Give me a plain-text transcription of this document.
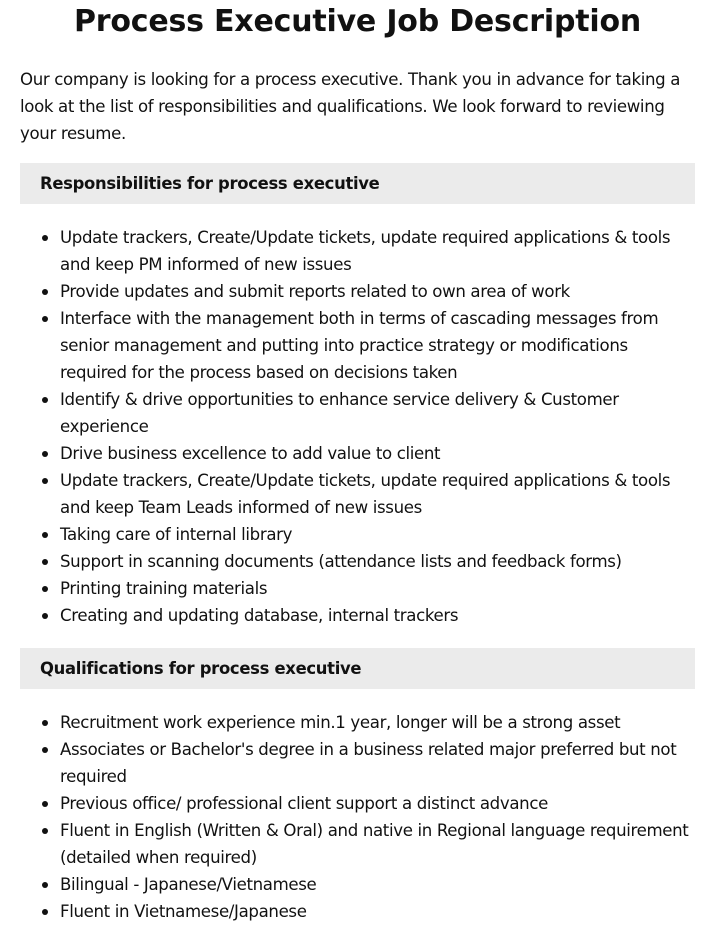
Process Executive Job Description

Our company is looking for a process executive. Thank you in advance for taking a look at the list of responsibilities and qualifications. We look forward to reviewing your resume.

Responsibilities for process executive
Update trackers, Create/Update tickets, update required applications & tools and keep PM informed of new issues
Provide updates and submit reports related to own area of work
Interface with the management both in terms of cascading messages from senior management and putting into practice strategy or modifications required for the process based on decisions taken
Identify & drive opportunities to enhance service delivery & Customer experience
Drive business excellence to add value to client
Update trackers, Create/Update tickets, update required applications & tools and keep Team Leads informed of new issues
Taking care of internal library
Support in scanning documents (attendance lists and feedback forms)
Printing training materials
Creating and updating database, internal trackers
Qualifications for process executive
Recruitment work experience min.1 year, longer will be a strong asset
Associates or Bachelor's degree in a business related major preferred but not required
Previous office/ professional client support a distinct advance
Fluent in English (Written & Oral) and native in Regional language requirement (detailed when required)
Bilingual - Japanese/Vietnamese
Fluent in Vietnamese/Japanese
